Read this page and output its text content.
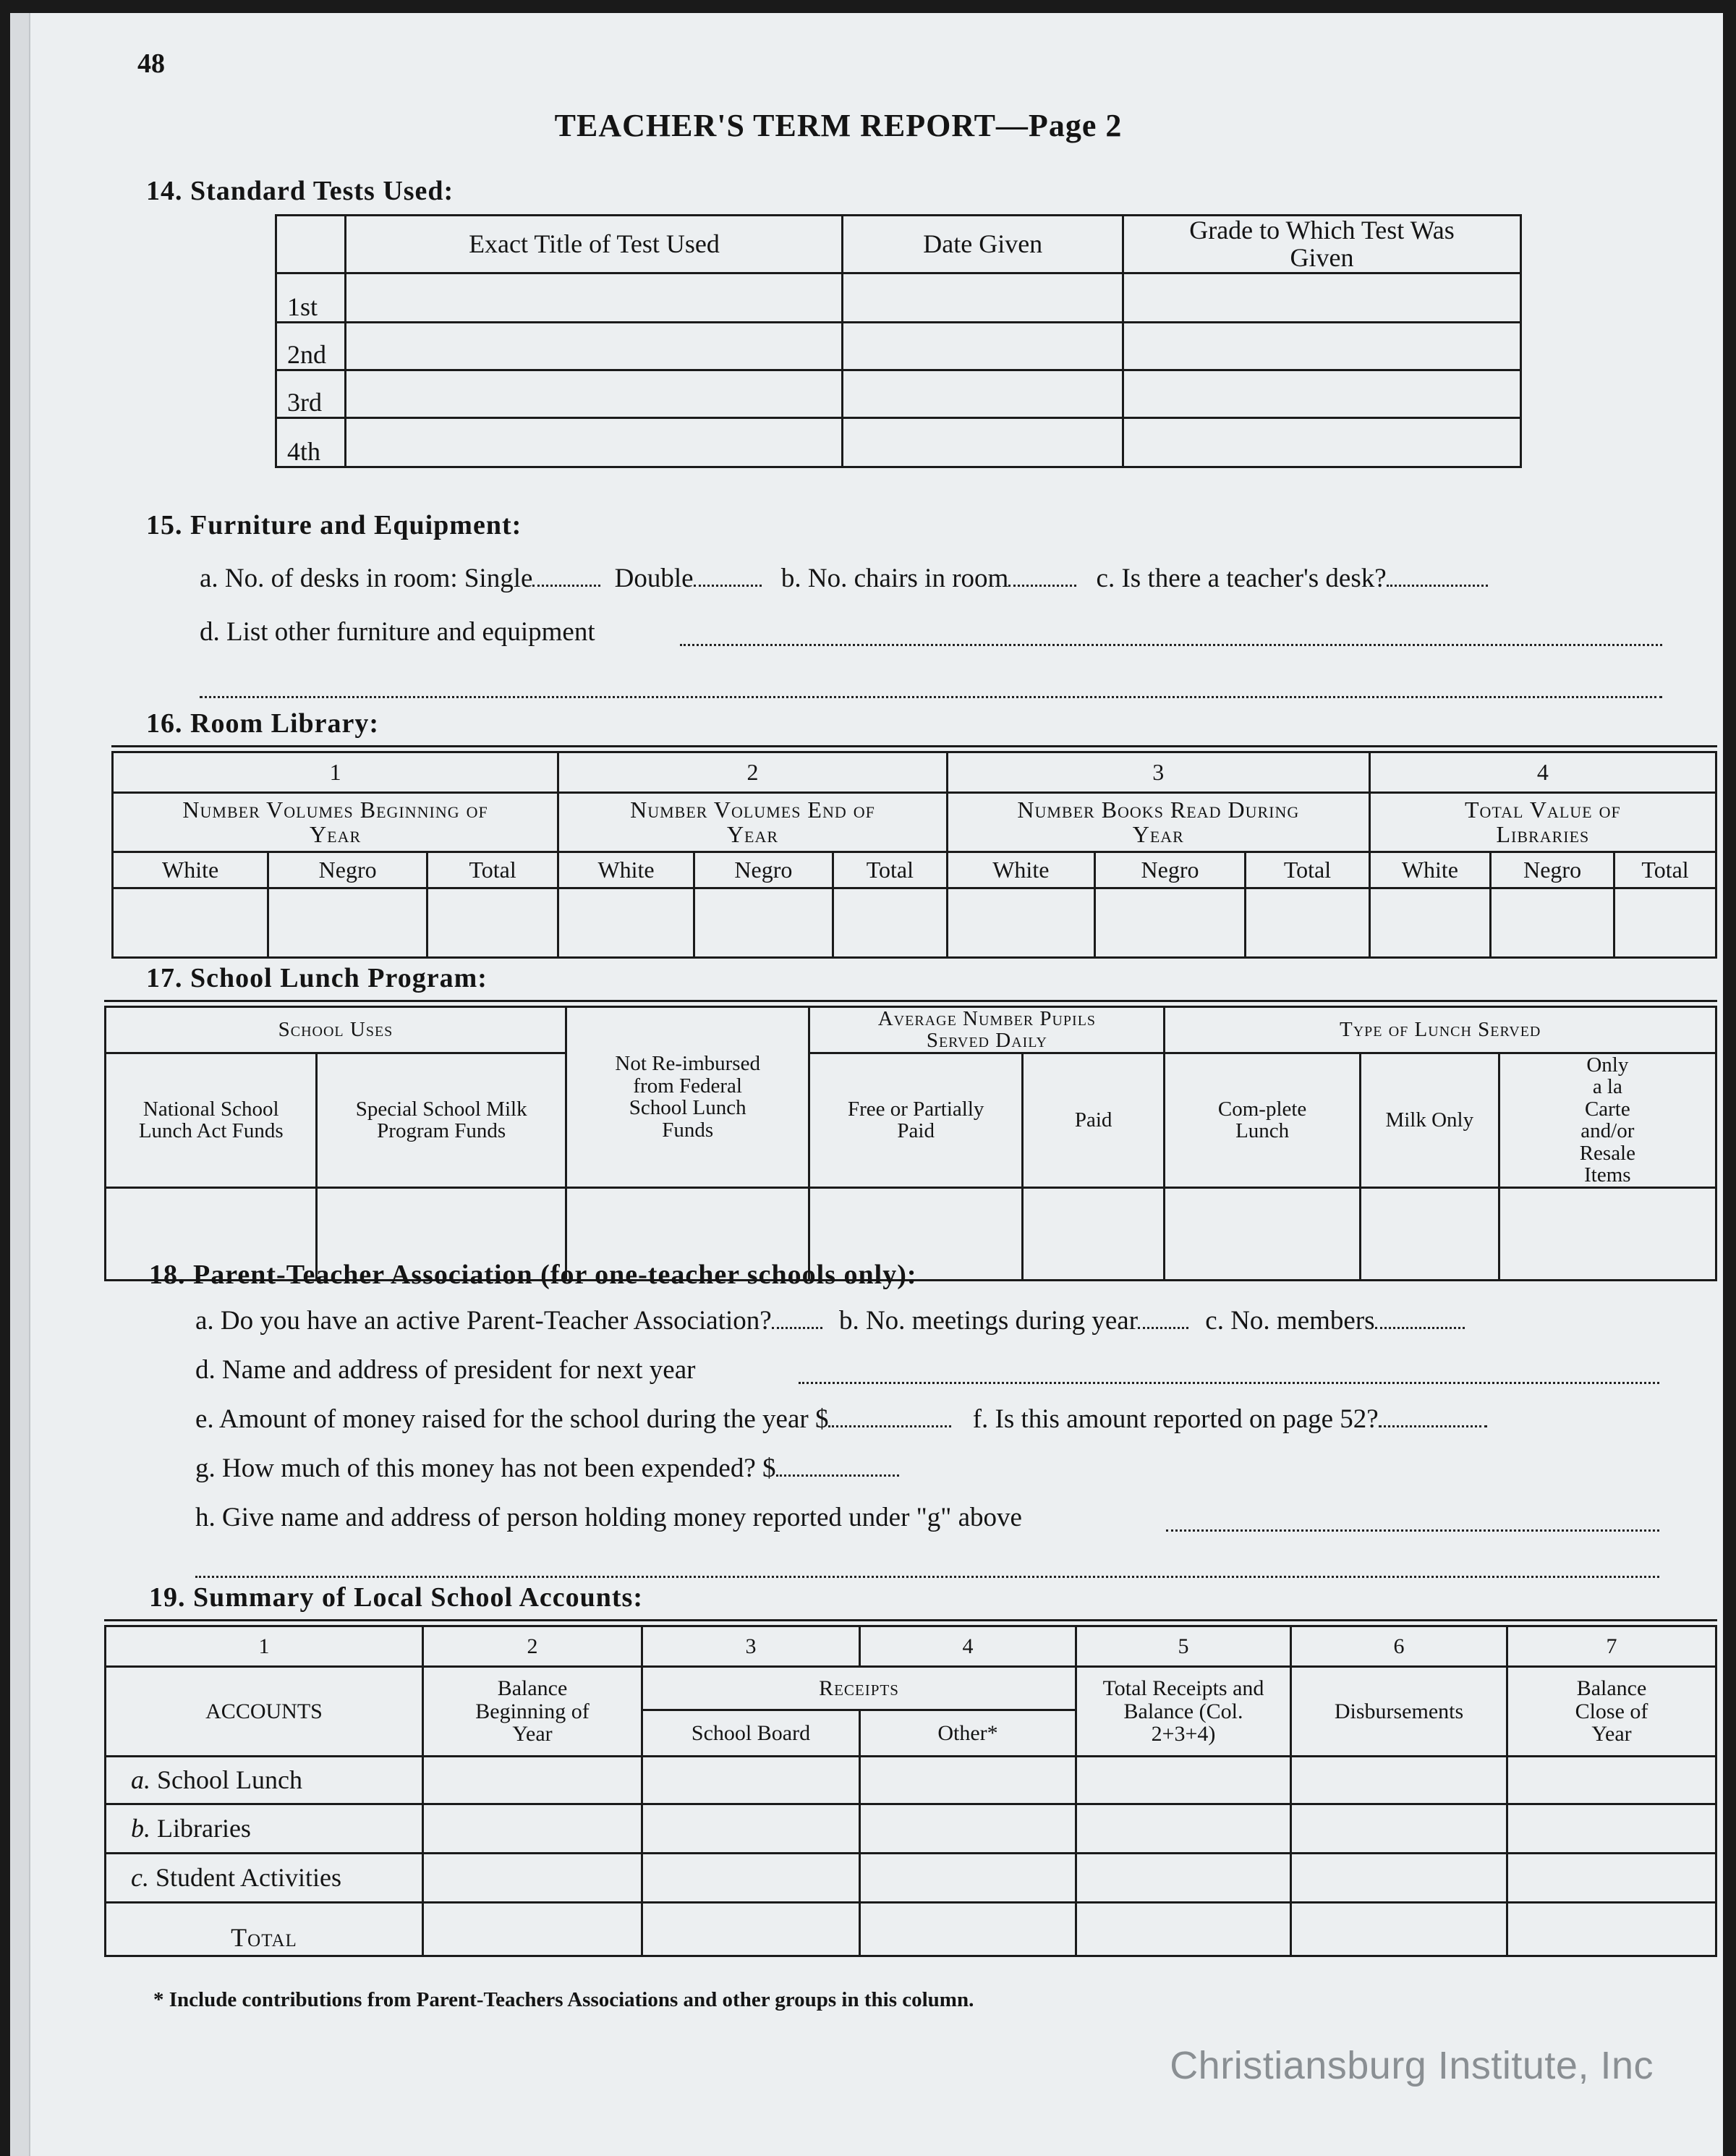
48
TEACHER'S TERM REPORT—Page 2
14. Standard Tests Used:
	Exact Title of Test Used	Date Given	Grade to Which Test Was Given
1st			
2nd			
3rd			
4th			
15. Furniture and Equipment:
a. No. of desks in room: Single	Double	b. No. chairs in room	c. Is there a teacher's desk?
d. List other furniture and equipment
16. Room Library:
1			2			3			4		
Number Volumes Beginning of Year			Number Volumes End of Year			Number Books Read During Year			Total Value of Libraries		
White	Negro	Total	White	Negro	Total	White	Negro	Total	White	Negro	Total

17. School Lunch Program:
School Uses		Not Re-imbursed from Federal School Lunch Funds	Average Number Pupils Served Daily		Type of Lunch Served		
National School Lunch Act Funds	Special School Milk Program Funds		Free or Partially Paid	Paid	Com-plete Lunch	Milk Only	Only a la Carte and/or Resale Items

18. Parent-Teacher Association (for one-teacher schools only):
a. Do you have an active Parent-Teacher Association?	b. No. meetings during year	c. No. members
d. Name and address of president for next year
e. Amount of money raised for the school during the year $	f. Is this amount reported on page 52?
g. How much of this money has not been expended? $
h. Give name and address of person holding money reported under "g" above
19. Summary of Local School Accounts:
1	2	3	4	5	6	7
ACCOUNTS	Balance Beginning of Year	Receipts		Total Receipts and Balance (Col. 2+3+4)	Disbursements	Balance Close of Year
		School Board	Other*			
a. School Lunch						
b. Libraries						
c. Student Activities						
Total						
* Include contributions from Parent-Teachers Associations and other groups in this column.
Christiansburg Institute, Inc
